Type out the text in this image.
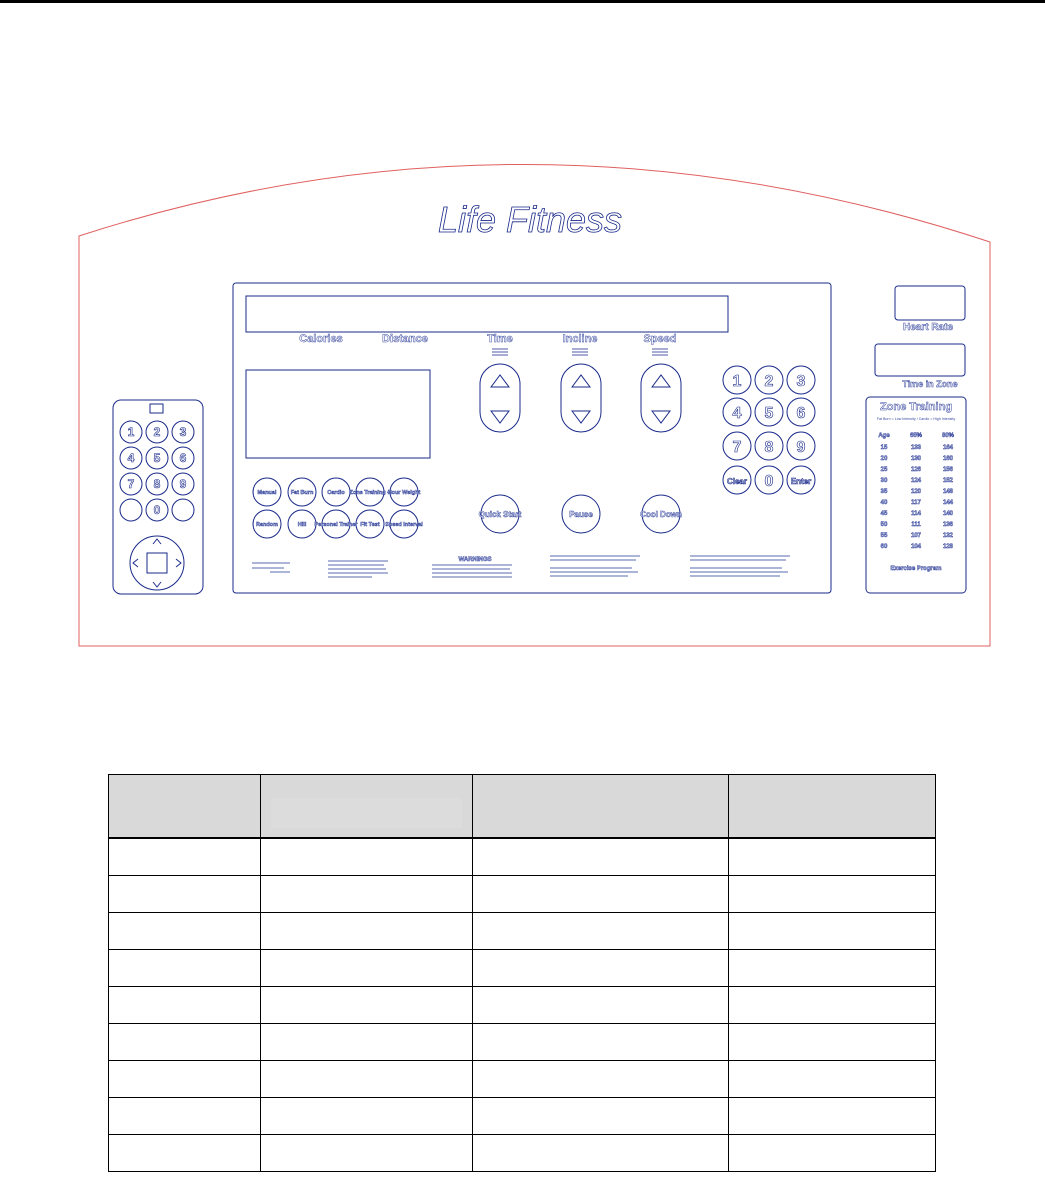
Life Fitness
Calories	Distance	Time	Incline	Speed
1 2 3
4 5 6
7 8 9
Clear 0 Enter
Manual	Fat Burn	Cardio Zone Training +
Hour Weight
Random	Hill Personal Trainer Fit Test Speed Interval
Quick Start	Pause	Cool Down
WARNINGS
Heart Rate
Time in Zone
Zone Training
Fat Burn = Low Intensity / Cardio = High Intensity
Age	65%	80%
15	133	164
20	130	160
25	126	156
30	124	152
35	120	148
40	117	144
45	114	140
50	111	136
55	107	132
60	104	128
Exercise Program
1 2 3
4 5 6
7 8 9
0
